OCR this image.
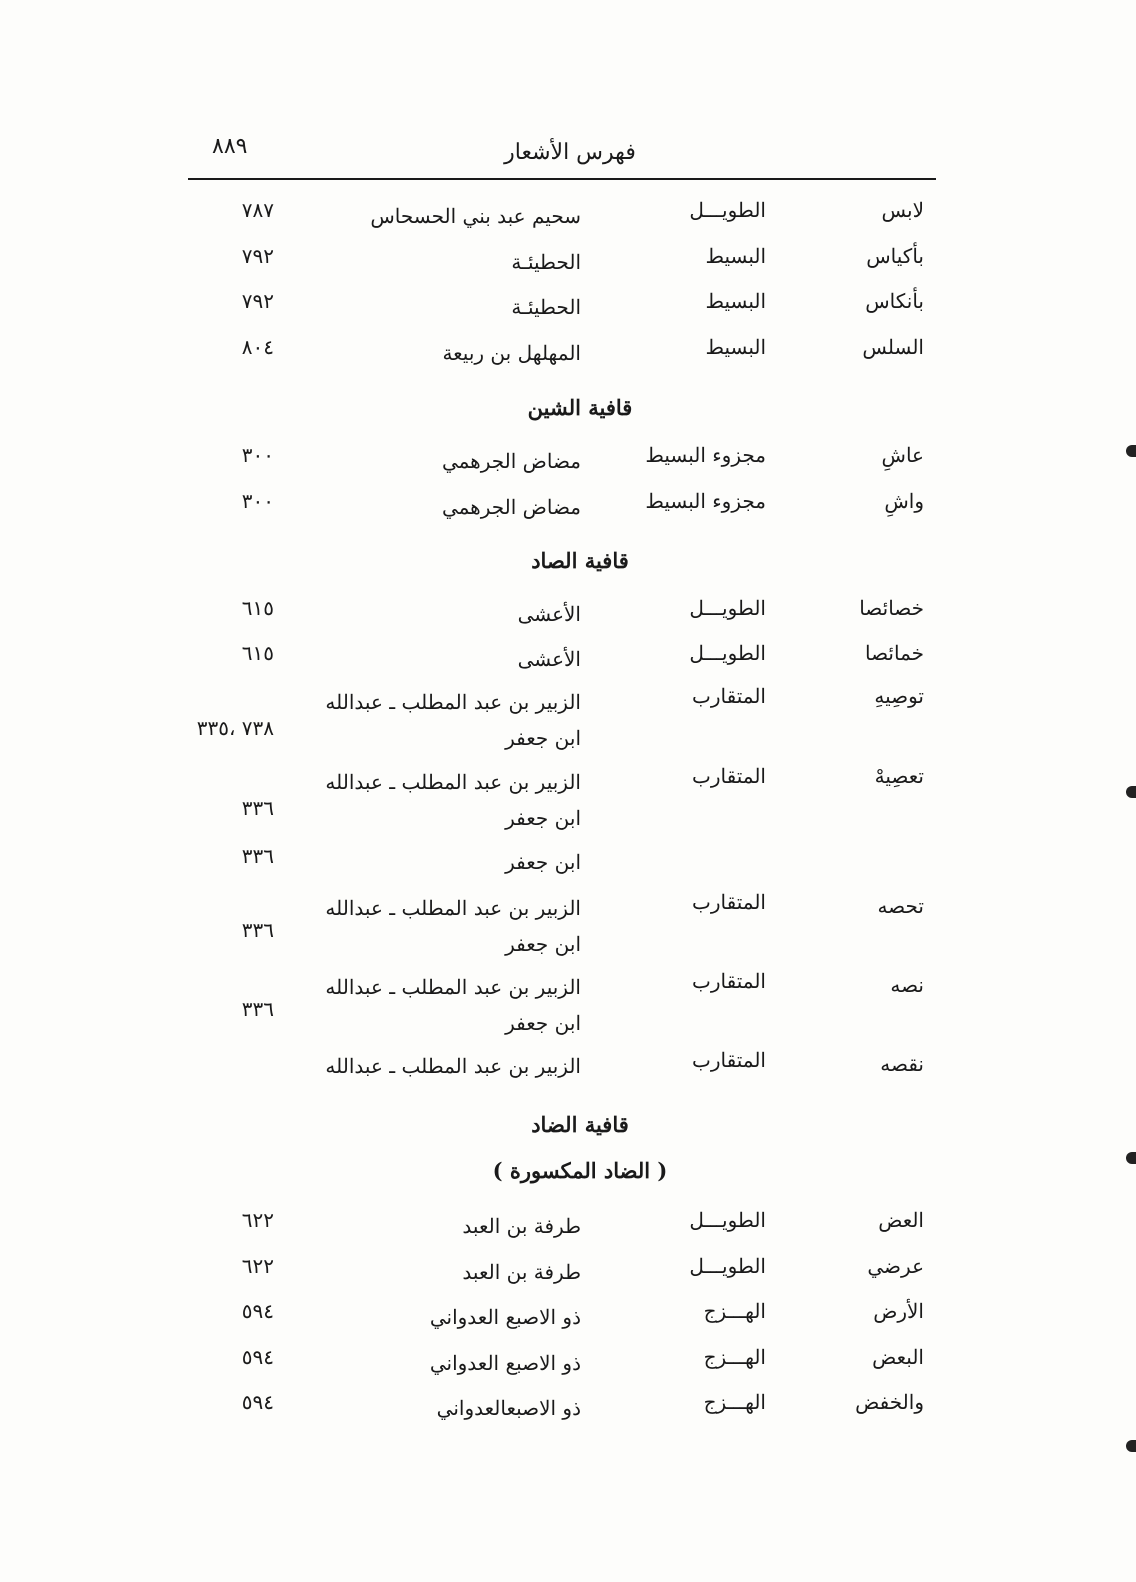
فهرس الأشعار
٨٨٩
لابس
الطويـــل
سحيم عبد بني الحسحاس
٧٨٧
بأكياس
البسيط
الحطيئـة
٧٩٢
بأنكاس
البسيط
الحطيئـة
٧٩٢
السلس
البسيط
المهلهل بن ربيعة
٨٠٤
قافية الشين
عاشِ
مجزوء البسيط
مضاض الجرهمي
٣٠٠
واشِ
مجزوء البسيط
مضاض الجرهمي
٣٠٠
قافية الصاد
خصائصا
الطويـــل
الأعشى
٦١٥
خمائصا
الطويـــل
الأعشى
٦١٥
توصِيهِ
المتقارب
الزبير بن عبد المطلب ـ عبدالله
ابن جعفر
٧٣٨ ،٣٣٥
تعصِيهْ
المتقارب
الزبير بن عبد المطلب ـ عبدالله
ابن جعفر
٣٣٦
ابن جعفر
٣٣٦
تحصه
المتقارب
الزبير بن عبد المطلب ـ عبدالله
ابن جعفر
٣٣٦
نصه
المتقارب
الزبير بن عبد المطلب ـ عبدالله
ابن جعفر
٣٣٦
نقصه
المتقارب
الزبير بن عبد المطلب ـ عبدالله
قافية الضاد
( الضاد المكسورة )
العض
الطويـــل
طرفة بن العبد
٦٢٢
عرضي
الطويـــل
طرفة بن العبد
٦٢٢
الأرض
الهـــزج
ذو الاصبع العدواني
٥٩٤
البعض
الهـــزج
ذو الاصبع العدواني
٥٩٤
والخفض
الهـــزج
ذو الاصبعالعدواني
٥٩٤
